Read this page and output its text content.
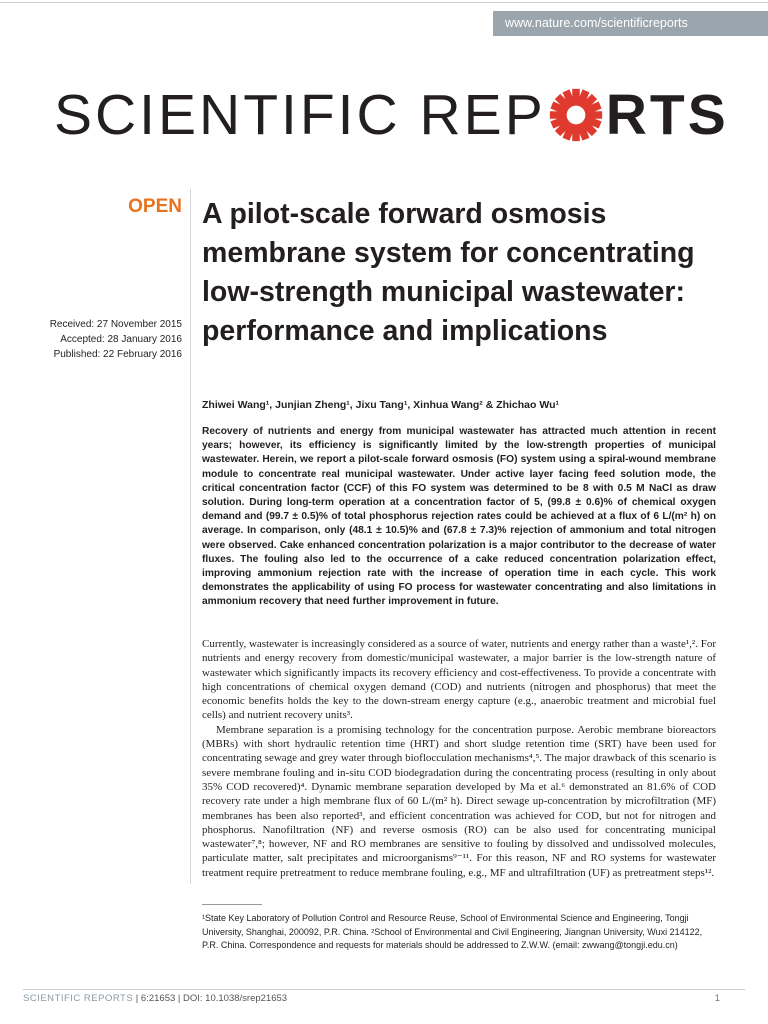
www.nature.com/scientificreports
SCIENTIFIC REP RTS
OPEN
Received: 27 November 2015
Accepted: 28 January 2016
Published: 22 February 2016
A pilot-scale forward osmosis membrane system for concentrating low-strength municipal wastewater: performance and implications
Zhiwei Wang¹, Junjian Zheng¹, Jixu Tang¹, Xinhua Wang² & Zhichao Wu¹

Recovery of nutrients and energy from municipal wastewater has attracted much attention in recent years; however, its efficiency is significantly limited by the low-strength properties of municipal wastewater. Herein, we report a pilot-scale forward osmosis (FO) system using a spiral-wound membrane module to concentrate real municipal wastewater. Under active layer facing feed solution mode, the critical concentration factor (CCF) of this FO system was determined to be 8 with 0.5 M NaCl as draw solution. During long-term operation at a concentration factor of 5, (99.8 ± 0.6)% of chemical oxygen demand and (99.7 ± 0.5)% of total phosphorus rejection rates could be achieved at a flux of 6 L/(m² h) on average. In comparison, only (48.1 ± 10.5)% and (67.8 ± 7.3)% rejection of ammonium and total nitrogen were observed. Cake enhanced concentration polarization is a major contributor to the decrease of water fluxes. The fouling also led to the occurrence of a cake reduced concentration polarization effect, improving ammonium rejection rate with the increase of operation time in each cycle. This work demonstrates the applicability of using FO process for wastewater concentrating and also limitations in ammonium recovery that need further improvement in future.

Currently, wastewater is increasingly considered as a source of water, nutrients and energy rather than a waste¹,². For nutrients and energy recovery from domestic/municipal wastewater, a major barrier is the low-strength nature of wastewater which significantly impacts its recovery efficiency and cost-effectiveness. To provide a concentrate with high concentrations of chemical oxygen demand (COD) and nutrients (nitrogen and phosphorus) that meet the economic benefits holds the key to the down-stream energy capture (e.g., anaerobic treatment and microbial fuel cells) and nutrient recovery units³.

Membrane separation is a promising technology for the concentration purpose. Aerobic membrane bioreactors (MBRs) with short hydraulic retention time (HRT) and short sludge retention time (SRT) have been used for concentrating sewage and grey water through bioflocculation mechanisms⁴,⁵. The major drawback of this scenario is severe membrane fouling and in-situ COD biodegradation during the concentrating process (resulting in only about 35% COD recovered)⁴. Dynamic membrane separation developed by Ma et al.⁶ demonstrated an 81.6% of COD recovery rate under a high membrane flux of 60 L/(m² h). Direct sewage up-concentration by microfiltration (MF) membranes has been also reported³, and efficient concentration was achieved for COD, but not for nitrogen and phosphorus. Nanofiltration (NF) and reverse osmosis (RO) can be also used for concentrating municipal wastewater⁷,⁸; however, NF and RO membranes are sensitive to fouling by dissolved and undissolved molecules, particulate matter, salt precipitates and microorganisms⁹⁻¹¹. For this reason, NF and RO systems for wastewater treatment require pretreatment to reduce membrane fouling, e.g., MF and ultrafiltration (UF) as pretreatment steps¹².

¹State Key Laboratory of Pollution Control and Resource Reuse, School of Environmental Science and Engineering, Tongji University, Shanghai, 200092, P.R. China. ²School of Environmental and Civil Engineering, Jiangnan University, Wuxi 214122, P.R. China. Correspondence and requests for materials should be addressed to Z.W.W. (email: zwwang@tongji.edu.cn)
SCIENTIFIC REPORTS | 6:21653 | DOI: 10.1038/srep21653	1
